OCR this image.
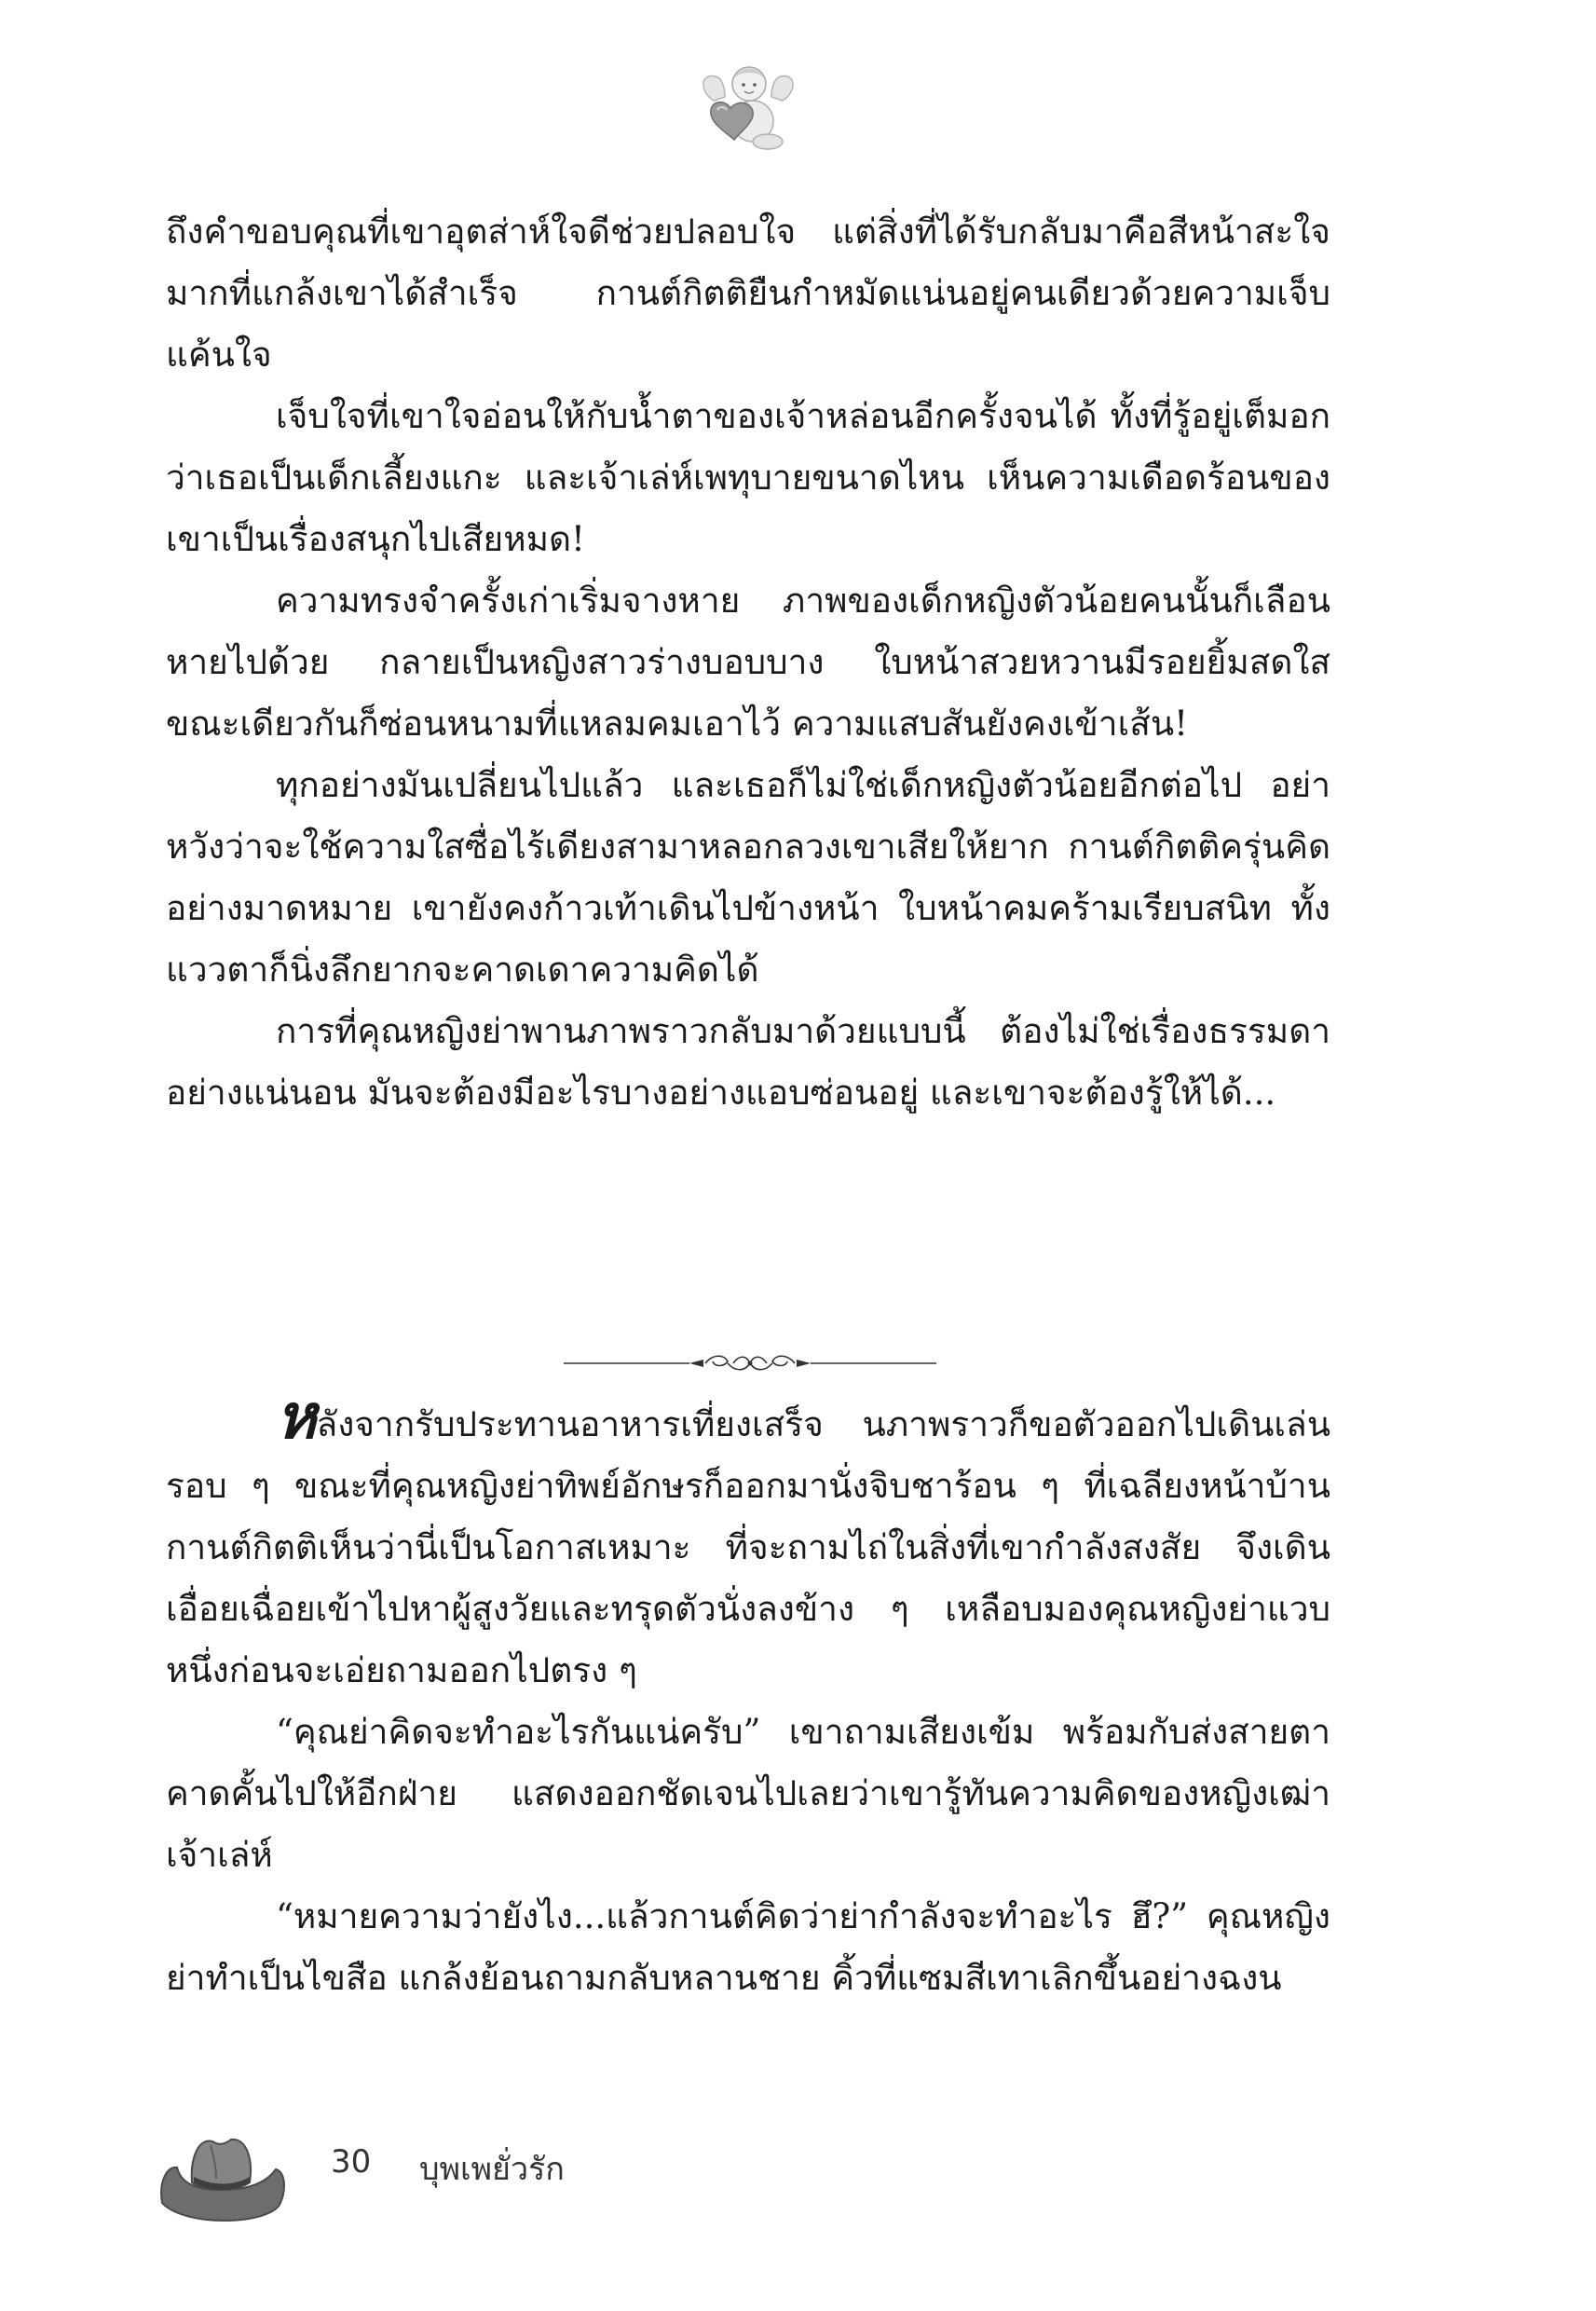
ถึงคำขอบคุณที่เขาอุตส่าห์ใจดีช่วยปลอบใจ แต่สิ่งที่ได้รับกลับมาคือสีหน้าสะใจมากที่แกล้งเขาได้สำเร็จ กานต์กิตติยืนกำหมัดแน่นอยู่คนเดียวด้วยความเจ็บแค้นใจ

เจ็บใจที่เขาใจอ่อนให้กับน้ำตาของเจ้าหล่อนอีกครั้งจนได้ ทั้งที่รู้อยู่เต็มอกว่าเธอเป็นเด็กเลี้ยงแกะ และเจ้าเล่ห์เพทุบายขนาดไหน เห็นความเดือดร้อนของเขาเป็นเรื่องสนุกไปเสียหมด!

ความทรงจำครั้งเก่าเริ่มจางหาย ภาพของเด็กหญิงตัวน้อยคนนั้นก็เลือนหายไปด้วย กลายเป็นหญิงสาวร่างบอบบาง ใบหน้าสวยหวานมีรอยยิ้มสดใส ขณะเดียวกันก็ซ่อนหนามที่แหลมคมเอาไว้ ความแสบสันยังคงเข้าเส้น!

ทุกอย่างมันเปลี่ยนไปแล้ว และเธอก็ไม่ใช่เด็กหญิงตัวน้อยอีกต่อไป อย่าหวังว่าจะใช้ความใสซื่อไร้เดียงสามาหลอกลวงเขาเสียให้ยาก กานต์กิตติครุ่นคิดอย่างมาดหมาย เขายังคงก้าวเท้าเดินไปข้างหน้า ใบหน้าคมคร้ามเรียบสนิท ทั้งแววตาก็นิ่งลึกยากจะคาดเดาความคิดได้

การที่คุณหญิงย่าพานภาพราวกลับมาด้วยแบบนี้ ต้องไม่ใช่เรื่องธรรมดาอย่างแน่นอน มันจะต้องมีอะไรบางอย่างแอบซ่อนอยู่ และเขาจะต้องรู้ให้ได้...

หลังจากรับประทานอาหารเที่ยงเสร็จ นภาพราวก็ขอตัวออกไปเดินเล่นรอบ ๆ ขณะที่คุณหญิงย่าทิพย์อักษรก็ออกมานั่งจิบชาร้อน ๆ ที่เฉลียงหน้าบ้าน กานต์กิตติเห็นว่านี่เป็นโอกาสเหมาะ ที่จะถามไถ่ในสิ่งที่เขากำลังสงสัย จึงเดินเอื่อยเฉื่อยเข้าไปหาผู้สูงวัยและทรุดตัวนั่งลงข้าง ๆ เหลือบมองคุณหญิงย่าแวบหนึ่งก่อนจะเอ่ยถามออกไปตรง ๆ

“คุณย่าคิดจะทำอะไรกันแน่ครับ” เขาถามเสียงเข้ม พร้อมกับส่งสายตาคาดคั้นไปให้อีกฝ่าย แสดงออกชัดเจนไปเลยว่าเขารู้ทันความคิดของหญิงเฒ่าเจ้าเล่ห์

“หมายความว่ายังไง...แล้วกานต์คิดว่าย่ากำลังจะทำอะไร ฮึ?” คุณหญิงย่าทำเป็นไขสือ แกล้งย้อนถามกลับหลานชาย คิ้วที่แซมสีเทาเลิกขึ้นอย่างฉงน

30 บุพเพยั่วรัก
